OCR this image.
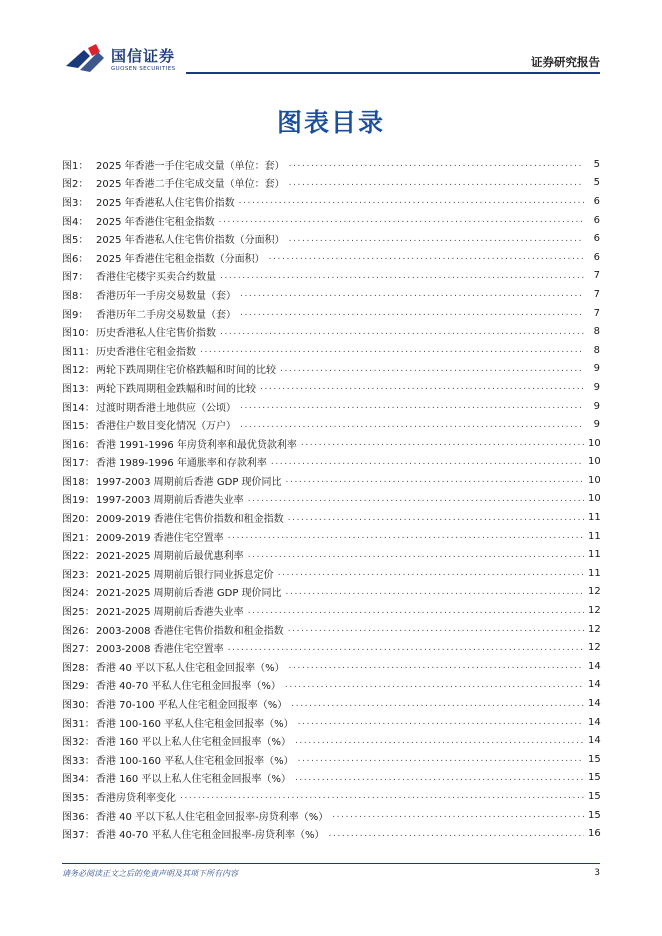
国信证券
GUOSEN SECURITIES	证券研究报告
图表目录
图1： 2025 年香港一手住宅成交量（单位：套） .....	5
图2： 2025 年香港二手住宅成交量（单位：套） .....	5
图3： 2025 年香港私人住宅售价指数 .....	6
图4： 2025 年香港住宅租金指数 .....	6
图5： 2025 年香港私人住宅售价指数（分面积） .....	6
图6： 2025 年香港住宅租金指数（分面积） .....	6
图7： 香港住宅楼宇买卖合约数量 .....	7
图8： 香港历年一手房交易数量（套） .....	7
图9： 香港历年二手房交易数量（套） .....	7
图10： 历史香港私人住宅售价指数 .....	8
图11： 历史香港住宅租金指数 .....	8
图12： 两轮下跌周期住宅价格跌幅和时间的比较 .....	9
图13： 两轮下跌周期租金跌幅和时间的比较 .....	9
图14： 过渡时期香港土地供应（公顷） .....	9
图15： 香港住户数目变化情况（万户） .....	9
图16： 香港 1991-1996 年房贷利率和最优贷款利率 .....	10
图17： 香港 1989-1996 年通胀率和存款利率 .....	10
图18： 1997-2003 周期前后香港 GDP 现价同比 .....	10
图19： 1997-2003 周期前后香港失业率 .....	10
图20： 2009-2019 香港住宅售价指数和租金指数 .....	11
图21： 2009-2019 香港住宅空置率 .....	11
图22： 2021-2025 周期前后最优惠利率 .....	11
图23： 2021-2025 周期前后银行同业拆息定价 .....	11
图24： 2021-2025 周期前后香港 GDP 现价同比 .....	12
图25： 2021-2025 周期前后香港失业率 .....	12
图26： 2003-2008 香港住宅售价指数和租金指数 .....	12
图27： 2003-2008 香港住宅空置率 .....	12
图28： 香港 40 平以下私人住宅租金回报率（%） .....	14
图29： 香港 40-70 平私人住宅租金回报率（%） .....	14
图30： 香港 70-100 平私人住宅租金回报率（%） .....	14
图31： 香港 100-160 平私人住宅租金回报率（%） .....	14
图32： 香港 160 平以上私人住宅租金回报率（%） .....	14
图33： 香港 100-160 平私人住宅租金回报率（%） .....	15
图34： 香港 160 平以上私人住宅租金回报率（%） .....	15
图35： 香港房贷利率变化 .....	15
图36： 香港 40 平以下私人住宅租金回报率-房贷利率（%） .....	15
图37： 香港 40-70 平私人住宅租金回报率-房贷利率（%） .....	16
请务必阅读正文之后的免责声明及其项下所有内容	3
